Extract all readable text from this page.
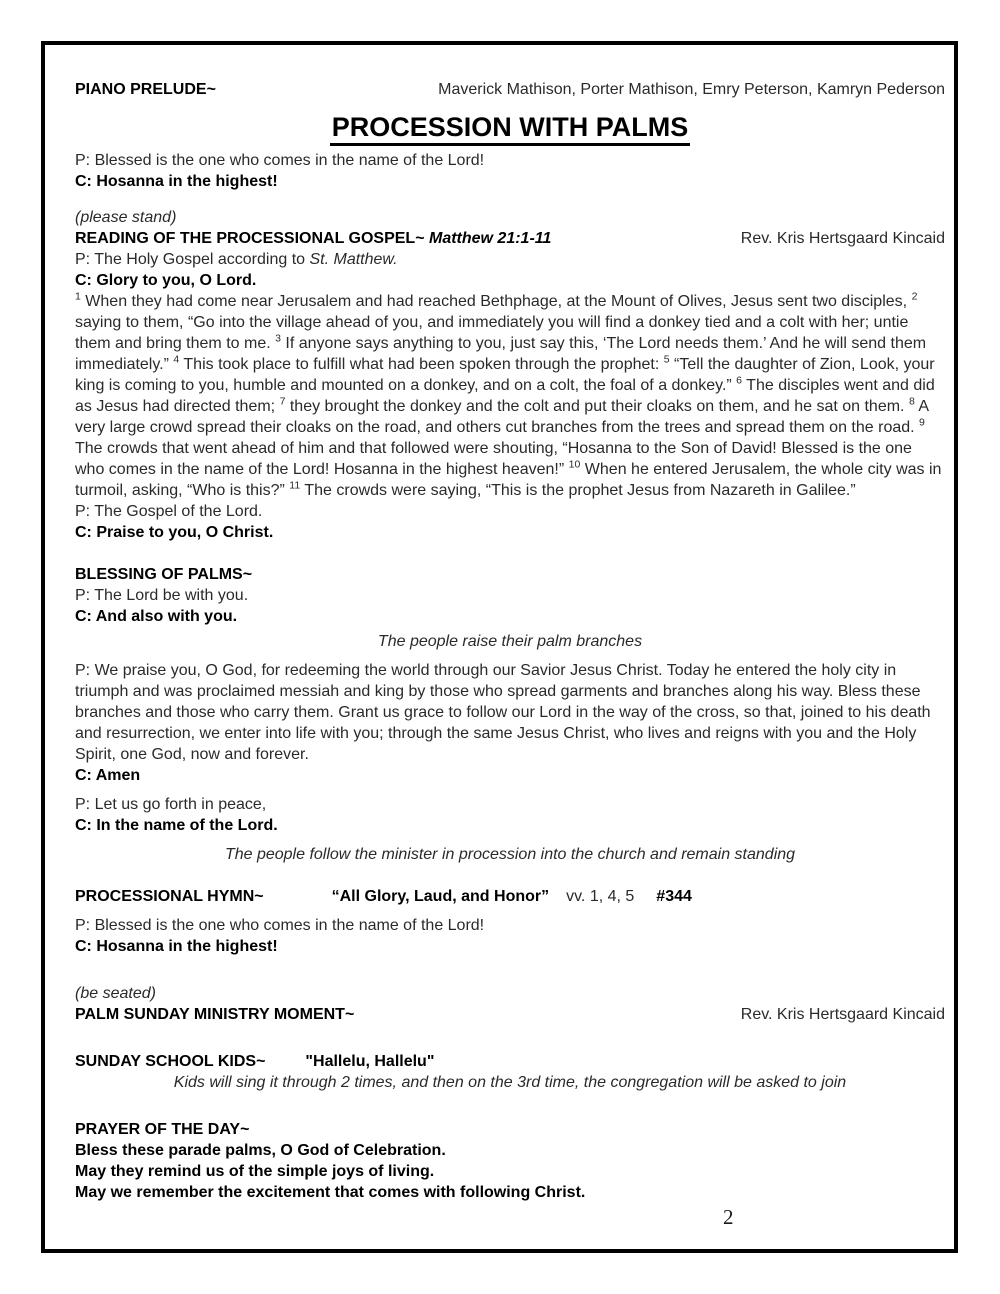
PIANO PRELUDE~	Maverick Mathison, Porter Mathison, Emry Peterson, Kamryn Pederson
PROCESSION WITH PALMS

P: Blessed is the one who comes in the name of the Lord!

C: Hosanna in the highest!

(please stand)

READING OF THE PROCESSIONAL GOSPEL~ Matthew 21:1-11	Rev. Kris Hertsgaard Kincaid

P: The Holy Gospel according to St. Matthew.

C: Glory to you, O Lord.

$^1$ When they had come near Jerusalem and had reached Bethphage, at the Mount of Olives, Jesus sent two disciples, $^2$ saying to them, “Go into the village ahead of you, and immediately you will find a donkey tied and a colt with her; untie them and bring them to me. $^3$ If anyone says anything to you, just say this, ‘The Lord needs them.’ And he will send them immediately.” $^4$ This took place to fulfill what had been spoken through the prophet: $^5$ “Tell the daughter of Zion, Look, your king is coming to you, humble and mounted on a donkey, and on a colt, the foal of a donkey.” $^6$ The disciples went and did as Jesus had directed them; $^7$ they brought the donkey and the colt and put their cloaks on them, and he sat on them. $^8$ A very large crowd spread their cloaks on the road, and others cut branches from the trees and spread them on the road. $^9$ The crowds that went ahead of him and that followed were shouting, “Hosanna to the Son of David! Blessed is the one who comes in the name of the Lord! Hosanna in the highest heaven!” $^{10}$ When he entered Jerusalem, the whole city was in turmoil, asking, “Who is this?” $^{11}$ The crowds were saying, “This is the prophet Jesus from Nazareth in Galilee.”

P: The Gospel of the Lord.

C: Praise to you, O Christ.

BLESSING OF PALMS~

P: The Lord be with you.

C: And also with you.

The people raise their palm branches

P: We praise you, O God, for redeeming the world through our Savior Jesus Christ. Today he entered the holy city in triumph and was proclaimed messiah and king by those who spread garments and branches along his way. Bless these branches and those who carry them. Grant us grace to follow our Lord in the way of the cross, so that, joined to his death and resurrection, we enter into life with you; through the same Jesus Christ, who lives and reigns with you and the Holy Spirit, one God, now and forever.

C: Amen

P: Let us go forth in peace,

C: In the name of the Lord.

The people follow the minister in procession into the church and remain standing

PROCESSIONAL HYMN~	“All Glory, Laud, and Honor” vv. 1, 4, 5 #344

P: Blessed is the one who comes in the name of the Lord!

C: Hosanna in the highest!

(be seated)

PALM SUNDAY MINISTRY MOMENT~	Rev. Kris Hertsgaard Kincaid
SUNDAY SCHOOL KIDS~	"Hallelu, Hallelu"

Kids will sing it through 2 times, and then on the 3rd time, the congregation will be asked to join

PRAYER OF THE DAY~

Bless these parade palms, O God of Celebration.

May they remind us of the simple joys of living.

May we remember the excitement that comes with following Christ.

2
